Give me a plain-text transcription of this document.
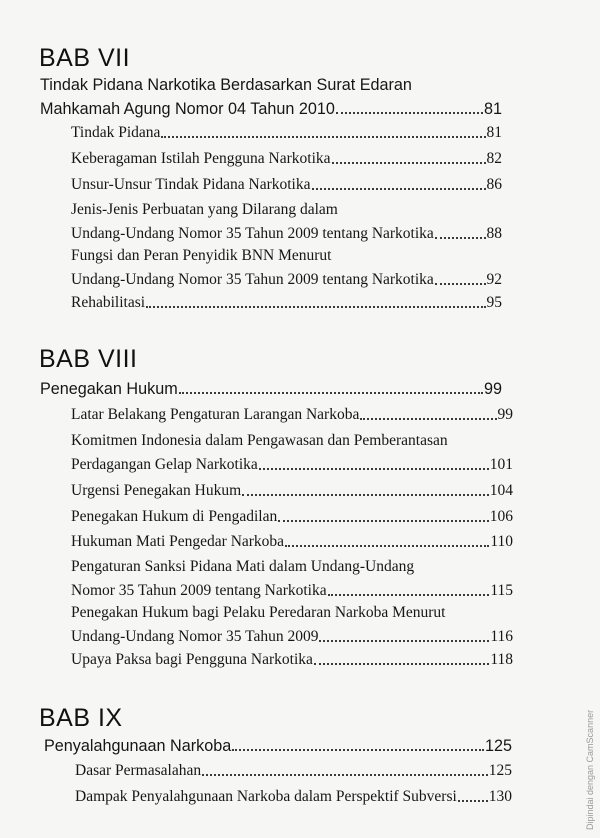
BAB VII
Tindak Pidana Narkotika Berdasarkan Surat Edaran
Mahkamah Agung Nomor 04 Tahun 2010	81
Tindak Pidana	81
Keberagaman Istilah Pengguna Narkotika	82
Unsur-Unsur Tindak Pidana Narkotika	86
Jenis-Jenis Perbuatan yang Dilarang dalam
Undang-Undang Nomor 35 Tahun 2009 tentang Narkotika	88
Fungsi dan Peran Penyidik BNN Menurut
Undang-Undang Nomor 35 Tahun 2009 tentang Narkotika	92
Rehabilitasi	95
BAB VIII
Penegakan Hukum	99
Latar Belakang Pengaturan Larangan Narkoba	99
Komitmen Indonesia dalam Pengawasan dan Pemberantasan
Perdagangan Gelap Narkotika	101
Urgensi Penegakan Hukum	104
Penegakan Hukum di Pengadilan	106
Hukuman Mati Pengedar Narkoba	110
Pengaturan Sanksi Pidana Mati dalam Undang-Undang
Nomor 35 Tahun 2009 tentang Narkotika	115
Penegakan Hukum bagi Pelaku Peredaran Narkoba Menurut
Undang-Undang Nomor 35 Tahun 2009	116
Upaya Paksa bagi Pengguna Narkotika	118
BAB IX
Penyalahgunaan Narkoba	125
Dasar Permasalahan	125
Dampak Penyalahgunaan Narkoba dalam Perspektif Subversi 130	Dipindai dengan CamScanner
